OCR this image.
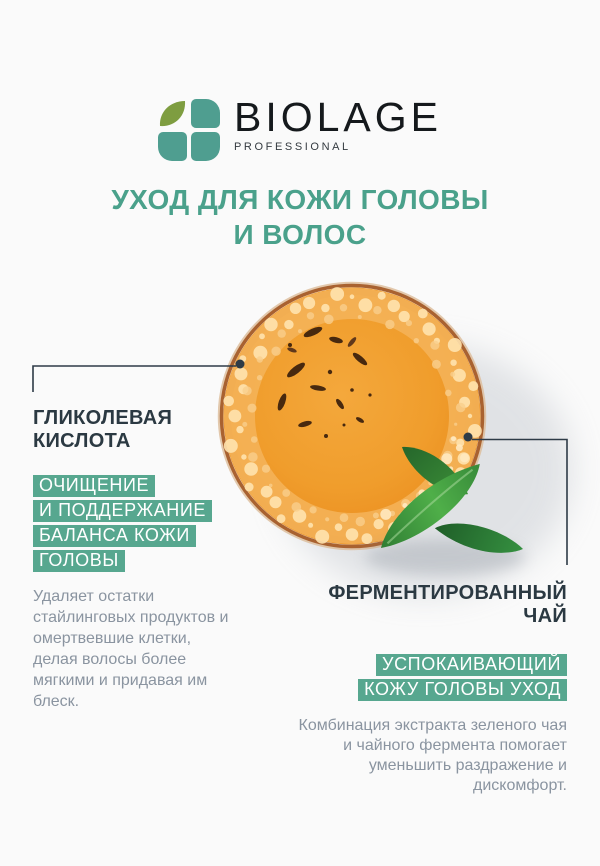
BIOLAGE
PROFESSIONAL
УХОД ДЛЯ КОЖИ ГОЛОВЫ
И ВОЛОС
ГЛИКОЛЕВАЯ
КИСЛОТА
ОЧИЩЕНИЕ
И ПОДДЕРЖАНИЕ
БАЛАНСА КОЖИ
ГОЛОВЫ

Удаляет остатки стайлинговых продуктов и омертвевшие клетки, делая волосы более мягкими и придавая им блеск.

ФЕРМЕНТИРОВАННЫЙ
ЧАЙ
УСПОКАИВАЮЩИЙ
КОЖУ ГОЛОВЫ УХОД

Комбинация экстракта зеленого чая и чайного фермента помогает уменьшить раздражение и дискомфорт.
